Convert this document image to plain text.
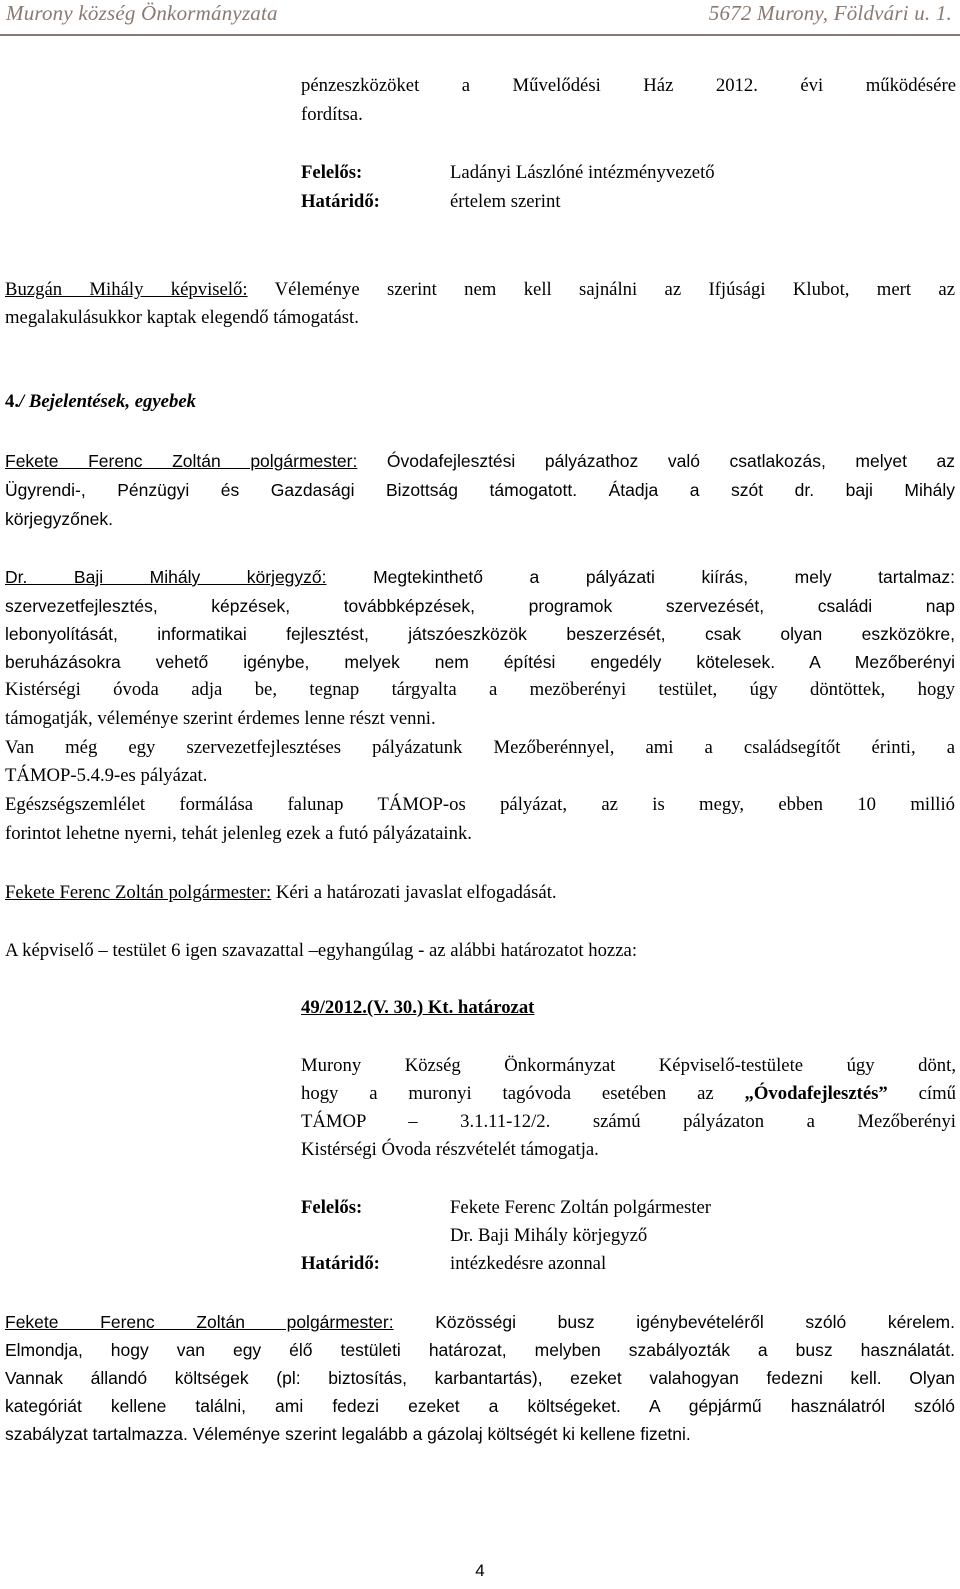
Murony község Önkormányzata	5672 Murony, Földvári u. 1.
pénzeszközöket a Művelődési Ház 2012. évi működésére
fordítsa.
Felelős:	Ladányi Lászlóné intézményvezető
Határidő:	értelem szerint
Buzgán Mihály képviselő: Véleménye szerint nem kell sajnálni az Ifjúsági Klubot, mert az
megalakulásukkor kaptak elegendő támogatást.
4./ Bejelentések, egyebek
Fekete Ferenc Zoltán polgármester: Óvodafejlesztési pályázathoz való csatlakozás, melyet az
Ügyrendi-, Pénzügyi és Gazdasági Bizottság támogatott. Átadja a szót dr. baji Mihály
körjegyzőnek.
Dr. Baji Mihály körjegyző: Megtekinthető a pályázati kiírás, mely tartalmaz:
szervezetfejlesztés, képzések, továbbképzések, programok szervezését, családi nap
lebonyolítását, informatikai fejlesztést, játszóeszközök beszerzését, csak olyan eszközökre,
beruházásokra vehető igénybe, melyek nem építési engedély kötelesek. A Mezőberényi
Kistérségi óvoda adja be, tegnap tárgyalta a mezöberényi testület, úgy döntöttek, hogy
támogatják, véleménye szerint érdemes lenne részt venni.
Van még egy szervezetfejlesztéses pályázatunk Mezőberénnyel, ami a családsegítőt érinti, a
TÁMOP-5.4.9-es pályázat.
Egészségszemlélet formálása falunap TÁMOP-os pályázat, az is megy, ebben 10 millió
forintot lehetne nyerni, tehát jelenleg ezek a futó pályázataink.
Fekete Ferenc Zoltán polgármester: Kéri a határozati javaslat elfogadását.
A képviselő – testület 6 igen szavazattal –egyhangúlag - az alábbi határozatot hozza:
49/2012.(V. 30.) Kt. határozat
Murony Község Önkormányzat Képviselő-testülete úgy dönt,
hogy a muronyi tagóvoda esetében az „Óvodafejlesztés” című
TÁMOP – 3.1.11-12/2. számú pályázaton a Mezőberényi
Kistérségi Óvoda részvételét támogatja.
Felelős:	Fekete Ferenc Zoltán polgármester
Dr. Baji Mihály körjegyző
Határidő:	intézkedésre azonnal
Fekete Ferenc Zoltán polgármester: Közösségi busz igénybevételéről szóló kérelem.
Elmondja, hogy van egy élő testületi határozat, melyben szabályozták a busz használatát.
Vannak állandó költségek (pl: biztosítás, karbantartás), ezeket valahogyan fedezni kell. Olyan
kategóriát kellene találni, ami fedezi ezeket a költségeket. A gépjármű használatról szóló
szabályzat tartalmazza. Véleménye szerint legalább a gázolaj költségét ki kellene fizetni.
4
